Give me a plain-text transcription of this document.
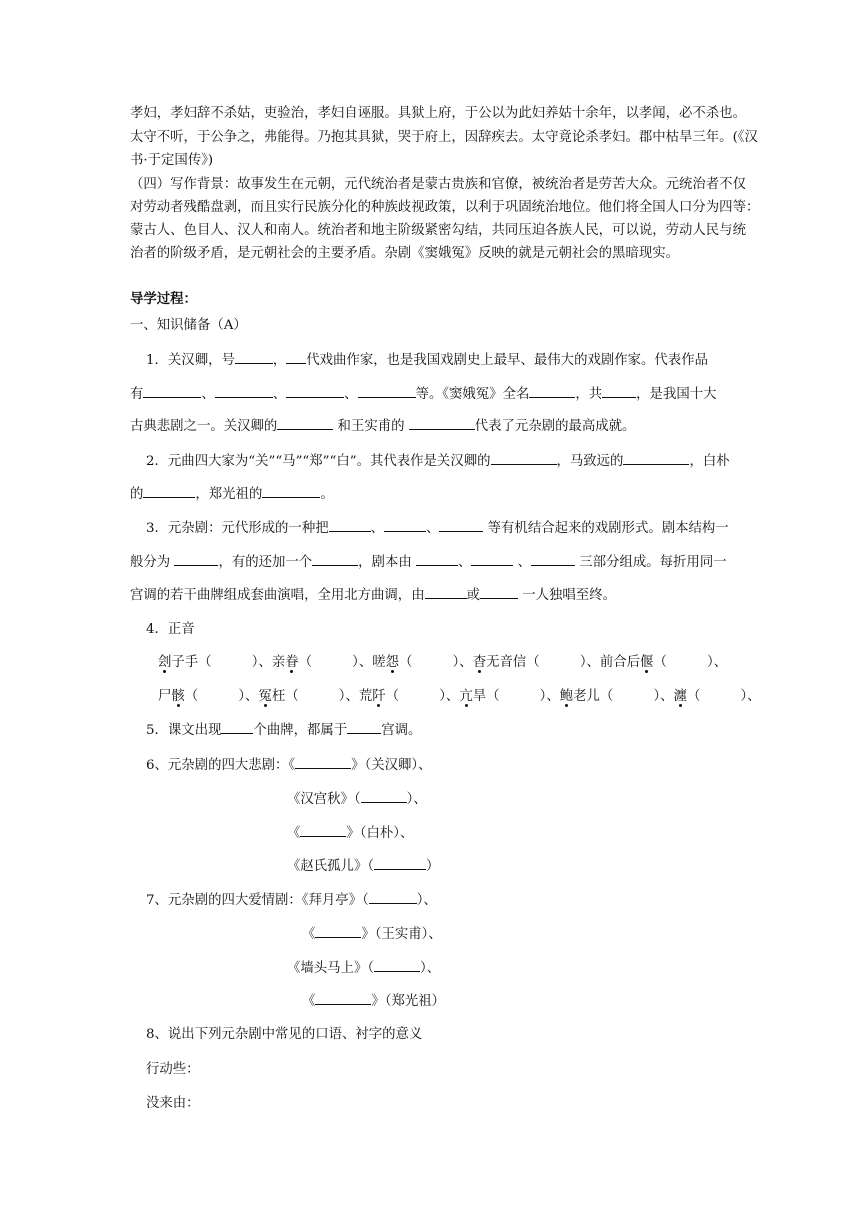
孝妇，孝妇辞不杀姑，吏验治，孝妇自诬服。具狱上府，于公以为此妇养姑十余年，以孝闻，必不杀也。
太守不听，于公争之，弗能得。乃抱其具狱，哭于府上，因辞疾去。太守竟论杀孝妇。郡中枯旱三年。(《汉
书·于定国传》)
（四）写作背景：故事发生在元朝，元代统治者是蒙古贵族和官僚，被统治者是劳苦大众。元统治者不仅
对劳动者残酷盘剥，而且实行民族分化的种族歧视政策，以利于巩固统治地位。他们将全国人口分为四等：
蒙古人、色目人、汉人和南人。统治者和地主阶级紧密勾结，共同压迫各族人民，可以说，劳动人民与统
治者的阶级矛盾，是元朝社会的主要矛盾。杂剧《窦娥冤》反映的就是元朝社会的黑暗现实。
导学过程：
一、知识储备（A）
1．关汉卿，号	， 代戏曲作家，也是我国戏剧史上最早、最伟大的戏剧作家。代表作品
有	、	、	、	等。《窦娥冤》全名	，共	，是我国十大
古典悲剧之一。关汉卿的	和王实甫的	代表了元杂剧的最高成就。
2．元曲四大家为“关”“马”“郑”“白”。其代表作是关汉卿的	，马致远的	，白朴
的	，郑光祖的	。
3．元杂剧：元代形成的一种把	、	、	等有机结合起来的戏剧形式。剧本结构一
般分为	，有的还加一个	，剧本由	、	、	三部分组成。每折用同一
宫调的若干曲牌组成套曲演唱，全用北方曲调，由	或	一人独唱至终。
4．正音
刽子手（　　　）、亲眷（　　　）、嗟怨（　　　）、杳无音信（　　　）、前合后偃（　　　）、
尸骸（　　　）、冤枉（　　　）、荒阡（　　　）、亢旱（　　　）、鲍老儿（　　　）、瀍（　　　）、
5．课文出现 个曲牌，都属于	宫调。
6、元杂剧的四大悲剧：《	》（关汉卿）、
《汉宫秋》（	）、
《	》（白朴）、
《赵氏孤儿》（	）
7、元杂剧的四大爱情剧：《拜月亭》（	）、
《	》（王实甫）、
《墙头马上》（	）、
《	》（郑光祖）
8、说出下列元杂剧中常见的口语、衬字的意义
行动些：
没来由：
